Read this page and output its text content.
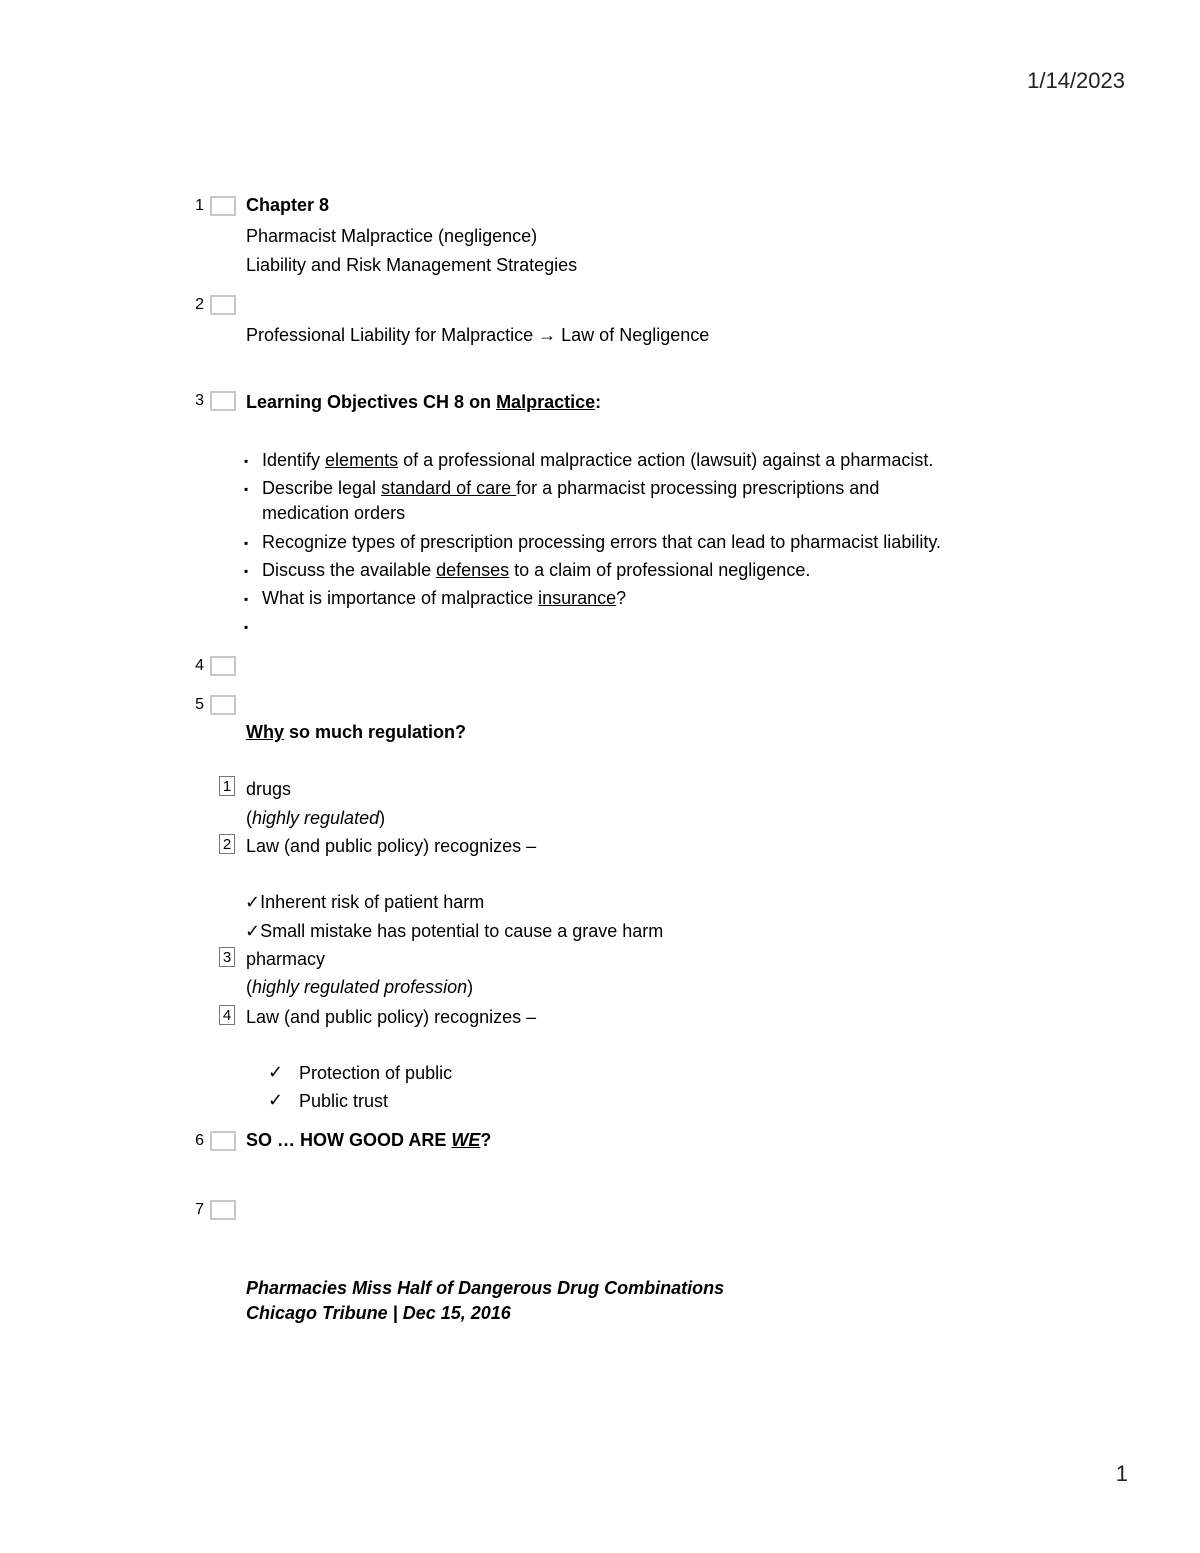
1/14/2023
1
1 Chapter 8
Pharmacist Malpractice (negligence)
Liability and Risk Management Strategies
2
Professional Liability for Malpractice → Law of Negligence
3 Learning Objectives CH 8 on Malpractice:
▪ Identify elements of a professional malpractice action (lawsuit) against a pharmacist.
▪ Describe legal standard of care for a pharmacist processing prescriptions and
medication orders
▪ Recognize types of prescription processing errors that can lead to pharmacist liability.
▪ Discuss the available defenses to a claim of professional negligence.
▪ What is importance of malpractice insurance?
▪
4
5
Why so much regulation?
1 drugs
(highly regulated)
2 Law (and public policy) recognizes –
✓Inherent risk of patient harm
✓Small mistake has potential to cause a grave harm
3 pharmacy
(highly regulated profession)
4 Law (and public policy) recognizes –
✓ Protection of public
✓ Public trust
6 SO … HOW GOOD ARE WE?
7
Pharmacies Miss Half of Dangerous Drug Combinations
Chicago Tribune | Dec 15, 2016
